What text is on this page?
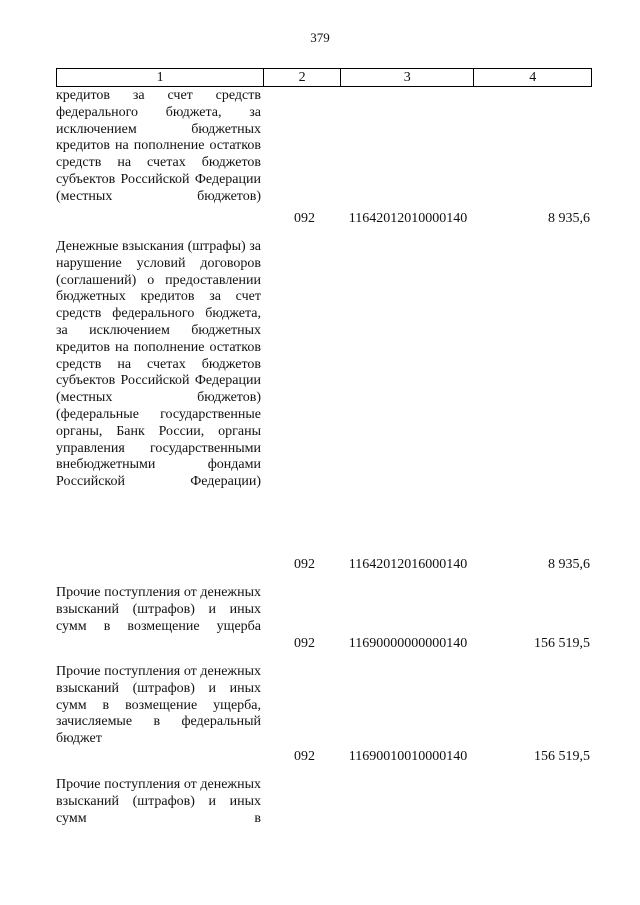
379
1	2	3	4
кредитов за счет средств федерального бюджета, за исключением бюджетных кредитов на пополнение остатков средств на счетах бюджетов субъектов Российской Федерации (местных бюджетов)
092	11642012010000140	8 935,6
Денежные взыскания (штрафы) за нарушение условий договоров (соглашений) о предоставлении бюджетных кредитов за счет средств федерального бюджета, за исключением бюджетных кредитов на пополнение остатков средств на счетах бюджетов субъектов Российской Федерации (местных бюджетов) (федеральные государственные органы, Банк России, органы управления государственными внебюджетными фондами Российской Федерации)
092	11642012016000140	8 935,6
Прочие поступления от денежных взысканий (штрафов) и иных сумм в возмещение ущерба
092	11690000000000140	156 519,5
Прочие поступления от денежных взысканий (штрафов) и иных сумм в возмещение ущерба, зачисляемые в федеральный бюджет
092	11690010010000140	156 519,5
Прочие поступления от денежных взысканий (штрафов) и иных сумм в
